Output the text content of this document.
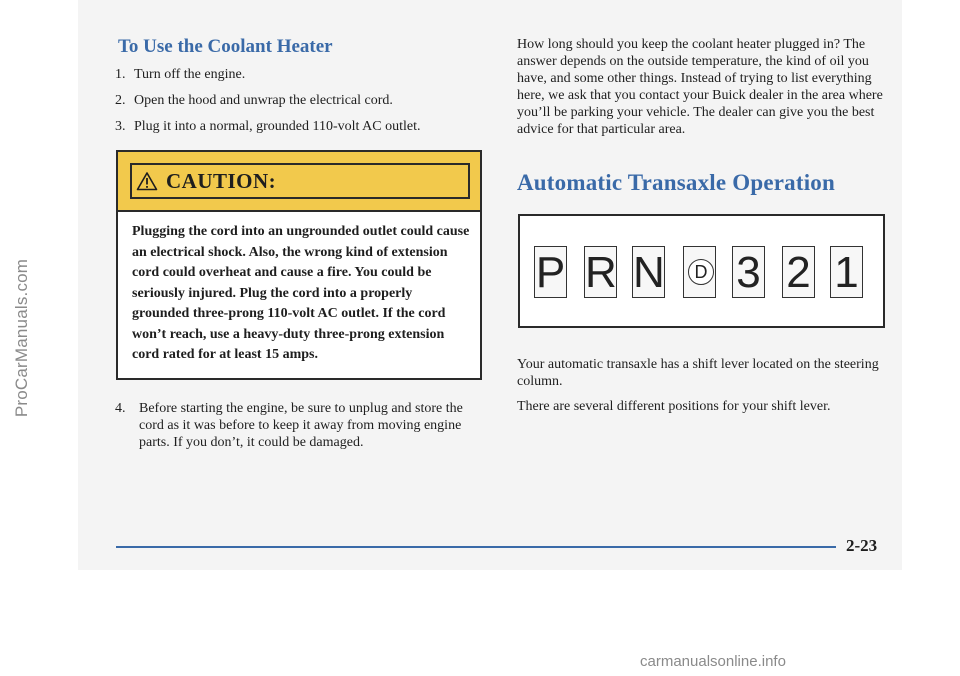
ProCarManuals.com
To Use the Coolant Heater
1. Turn off the engine.
2. Open the hood and unwrap the electrical cord.
3. Plug it into a normal, grounded 110-volt AC outlet.
CAUTION:
Plugging the cord into an ungrounded outlet could cause an electrical shock. Also, the wrong kind of extension cord could overheat and cause a fire. You could be seriously injured. Plug the cord into a properly grounded three-prong 110-volt AC outlet. If the cord won’t reach, use a heavy-duty three-prong extension cord rated for at least 15 amps.
4. Before starting the engine, be sure to unplug and store the cord as it was before to keep it away from moving engine parts. If you don’t, it could be damaged.

How long should you keep the coolant heater plugged in? The answer depends on the outside temperature, the kind of oil you have, and some other things. Instead of trying to list everything here, we ask that you contact your Buick dealer in the area where you’ll be parking your vehicle. The dealer can give you the best advice for that particular area.

Automatic Transaxle Operation
P R N	D 3 2 1

Your automatic transaxle has a shift lever located on the steering column.

There are several different positions for your shift lever.

2-23
carmanualsonline.info
